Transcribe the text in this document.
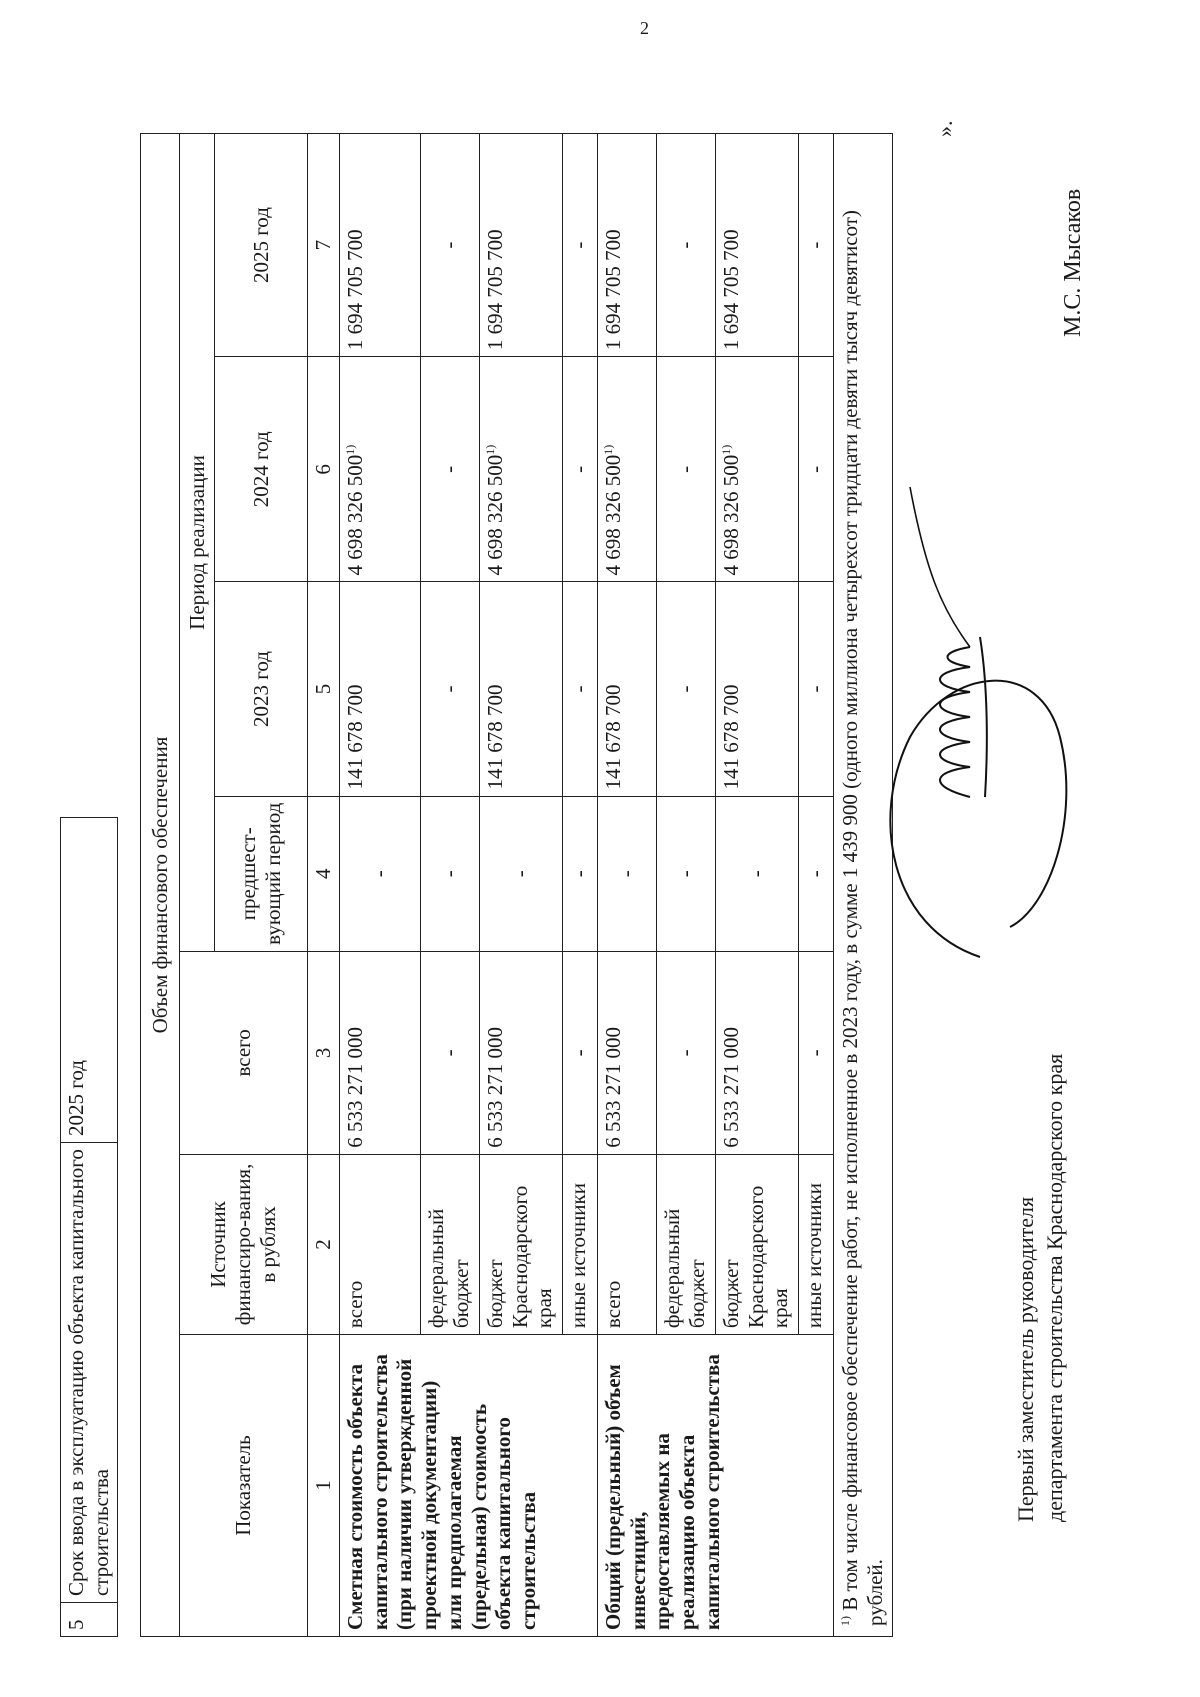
2
5	Срок ввода в эксплуатацию объекта капитального строительства	2025 год
Объем финансового обеспечения						
Показатель	Источник финансиро-вания, в рублях	всего	Период реализации			
			предшест-вующий период	2023 год	2024 год	2025 год
1	2	3	4	5	6	7
Сметная стоимость объекта капитального строительства (при наличии утвержденной проектной документации) или предполагаемая (предельная) стоимость объекта капитального строительства	всего	6 533 271 000	-	141 678 700	4 698 326 500$^{1)}$	1 694 705 700
	федеральный бюджет	-	-	-	-	-
	бюджет Краснодарского края	6 533 271 000	-	141 678 700	4 698 326 500$^{1)}$	1 694 705 700
	иные источники	-	-	-	-	-
Общий (предельный) объем инвестиций, предоставляемых на реализацию объекта капитального строительства	всего	6 533 271 000	-	141 678 700	4 698 326 500$^{1)}$	1 694 705 700
	федеральный бюджет	-	-	-	-	-
	бюджет Краснодарского края	6 533 271 000	-	141 678 700	4 698 326 500$^{1)}$	1 694 705 700
	иные источники	-	-	-	-	-
$^{1)}$ В том числе финансовое обеспечение работ, не исполненное в 2023 году, в сумме 1 439 900 (одного миллиона четырехсот тридцати девяти тысяч девятисот) рублей.						
».
Первый заместитель руководителя департамента строительства Краснодарского края
М.С. Мысаков
